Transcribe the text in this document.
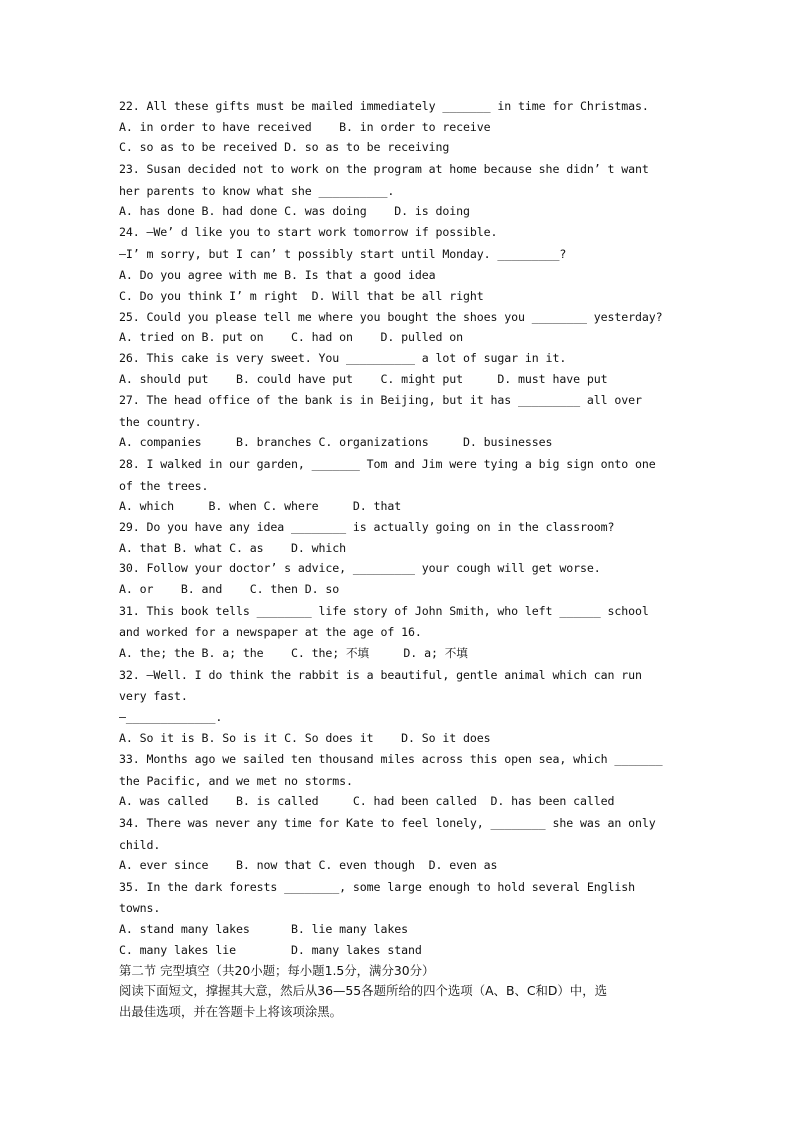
22. All these gifts must be mailed immediately _______ in time for Christmas.
A. in order to have received    B. in order to receive
C. so as to be received D. so as to be receiving
23. Susan decided not to work on the program at home because she didn’ t want
her parents to know what she __________.
A. has done B. had done C. was doing    D. is doing
24. —We’ d like you to start work tomorrow if possible.
—I’ m sorry, but I can’ t possibly start until Monday. _________?
A. Do you agree with me B. Is that a good idea
C. Do you think I’ m right  D. Will that be all right
25. Could you please tell me where you bought the shoes you ________ yesterday?
A. tried on B. put on    C. had on    D. pulled on
26. This cake is very sweet. You __________ a lot of sugar in it.
A. should put    B. could have put    C. might put     D. must have put
27. The head office of the bank is in Beijing, but it has _________ all over
the country.
A. companies     B. branches C. organizations     D. businesses
28. I walked in our garden, _______ Tom and Jim were tying a big sign onto one
of the trees.
A. which     B. when C. where     D. that
29. Do you have any idea ________ is actually going on in the classroom?
A. that B. what C. as    D. which
30. Follow your doctor’ s advice, _________ your cough will get worse.
A. or    B. and    C. then D. so
31. This book tells ________ life story of John Smith, who left ______ school
and worked for a newspaper at the age of 16.
A. the; the B. a; the    C. the; 不填     D. a; 不填
32. —Well. I do think the rabbit is a beautiful, gentle animal which can run
very fast.
—_____________.
A. So it is B. So is it C. So does it    D. So it does
33. Months ago we sailed ten thousand miles across this open sea, which _______
the Pacific, and we met no storms.
A. was called    B. is called     C. had been called  D. has been called
34. There was never any time for Kate to feel lonely, ________ she was an only
child.
A. ever since    B. now that C. even though  D. even as
35. In the dark forests ________, some large enough to hold several English
towns.
A. stand many lakes      B. lie many lakes
C. many lakes lie        D. many lakes stand
第二节 完型填空（共20小题；每小题1.5分，满分30分）
阅读下面短文，撑握其大意，然后从36—55各题所给的四个选项（A、B、C和D）中，选
出最佳选项，并在答题卡上将该项涂黑。
